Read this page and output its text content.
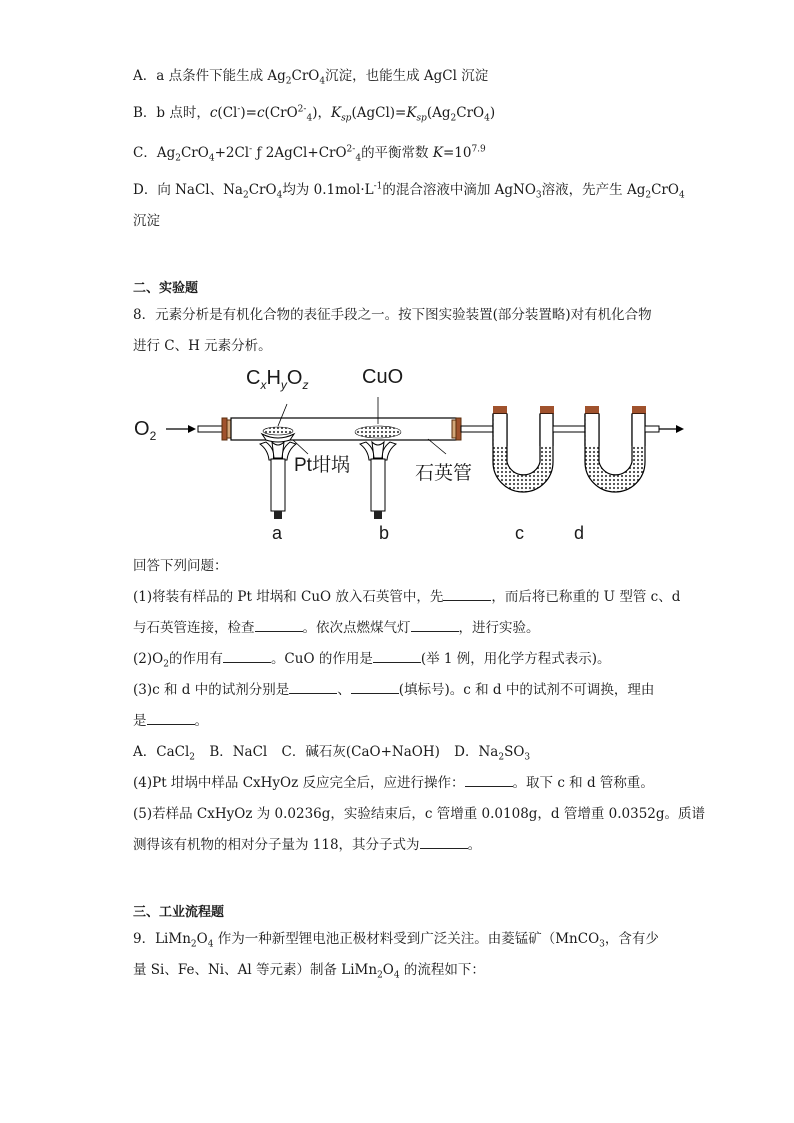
A．a 点条件下能生成 $Ag_2CrO_4$沉淀，也能生成 AgCl 沉淀
B．b 点时，c(Cl-)=c(CrO$^{2-}_4$)，$K_{sp}(AgCl)=K_{sp}(Ag_2CrO_4)$
C．$Ag_2CrO_4+2Cl^-$ ƒ 2AgCl+CrO$^{2-}_4$的平衡常数 $K=10^{7.9}$
D．向 NaCl、$Na_2CrO_4$均为 $0.1mol\cdot L^{-1}$的混合溶液中滴加 AgNO$_3$溶液，先产生 $Ag_2CrO_4$
沉淀
二、实验题
8．元素分析是有机化合物的表征手段之一。按下图实验装置(部分装置略)对有机化合物
进行 C、H 元素分析。
$O_2$
$C_xH_yO_z$	CuO
Pt坩埚	石英管
a	b	c	d
回答下列问题：
(1)将装有样品的 Pt 坩埚和 CuO 放入石英管中，先	，而后将已称重的 U 型管 c、d
与石英管连接，检查	。依次点燃煤气灯	，进行实验。
$(2)O_2$的作用有	。CuO 的作用是	(举 1 例，用化学方程式表示)。
(3)c 和 d 中的试剂分别是	、	(填标号)。c 和 d 中的试剂不可调换，理由
是	。
A．CaCl$_2$ B．NaCl C．碱石灰(CaO+NaOH) D．$Na_2SO_3$
(4)Pt 坩埚中样品 CxHyOz 反应完全后，应进行操作：	。取下 c 和 d 管称重。
(5)若样品 CxHyOz 为 0.0236g，实验结束后，c 管增重 0.0108g，d 管增重 0.0352g。质谱
测得该有机物的相对分子量为 118，其分子式为	。
三、工业流程题
9．$LiMn_2O_4$ 作为一种新型锂电池正极材料受到广泛关注。由菱锰矿（MnCO$_3$，含有少
量 Si、Fe、Ni、Al 等元素）制备 $LiMn_2O_4$ 的流程如下：
